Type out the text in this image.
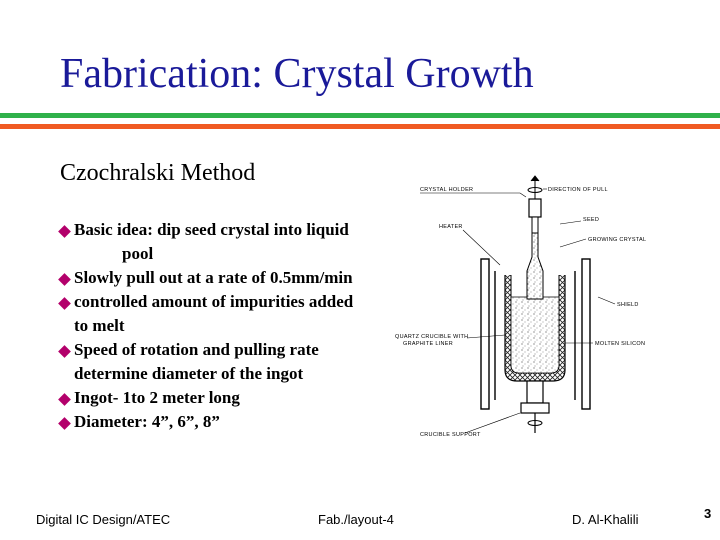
Fabrication: Crystal Growth
Czochralski Method
Basic idea: dip seed crystal into liquid
pool
Slowly pull out at a rate of 0.5mm/min
controlled amount of impurities added
to melt
Speed of rotation and pulling rate
determine diameter of the ingot
Ingot- 1to 2 meter long
Diameter: 4”, 6”, 8”
CRYSTAL HOLDER	DIRECTION OF PULL
SEED
HEATER
GROWING CRYSTAL
SHIELD
QUARTZ CRUCIBLE WITH
GRAPHITE LINER	MOLTEN SILICON
CRUCIBLE SUPPORT
Digital IC Design/ATEC	Fab./layout-4	D. Al-Khalili	3
